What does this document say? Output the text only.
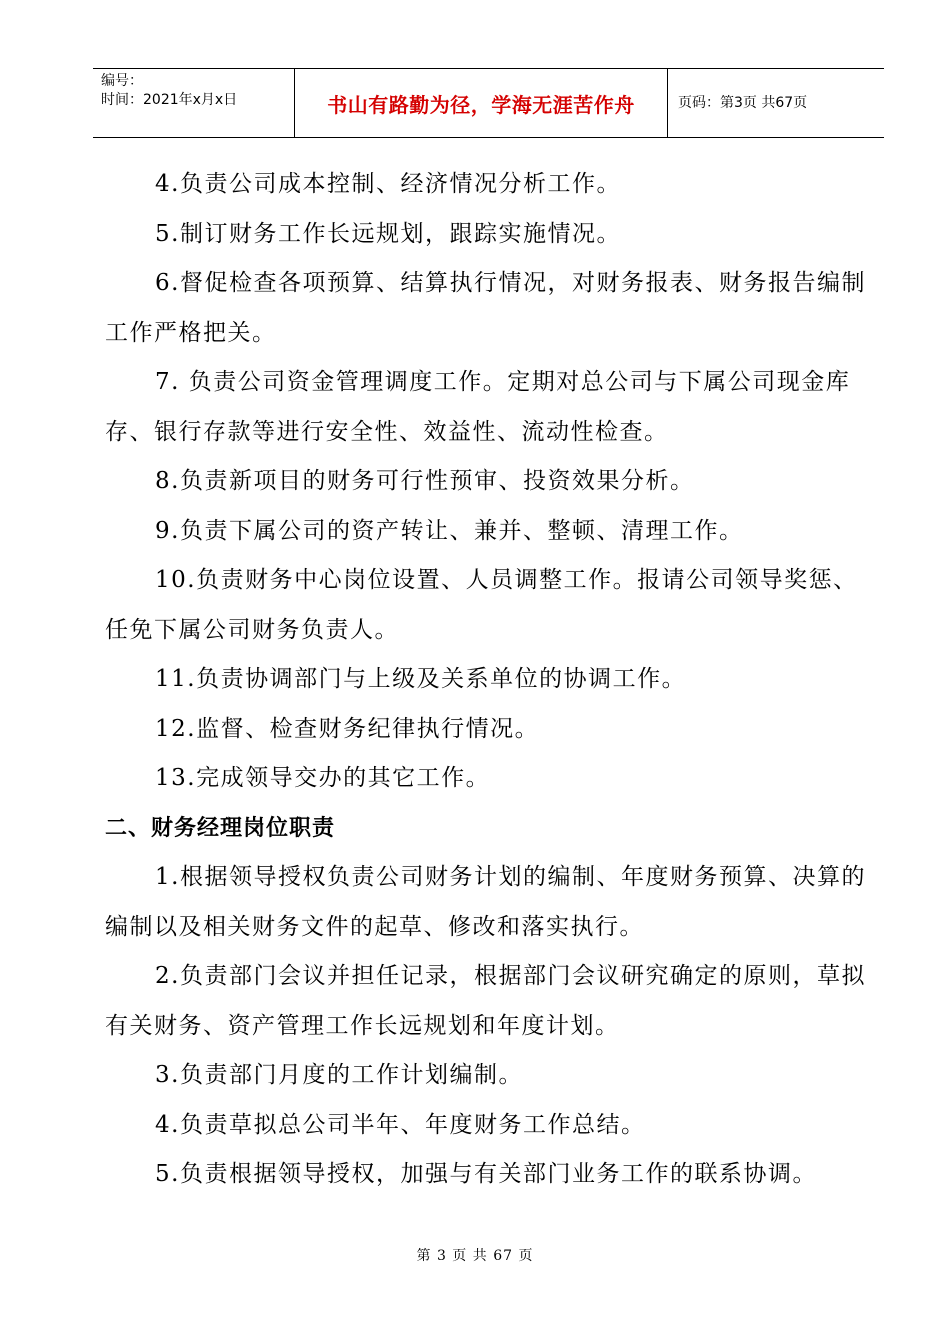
编号：
时间：2021年x月x日	书山有路勤为径，学海无涯苦作舟	页码：第3页 共67页

4.负责公司成本控制、经济情况分析工作。

5.制订财务工作长远规划，跟踪实施情况。

6.督促检查各项预算、结算执行情况，对财务报表、财务报告编制工作严格把关。

7. 负责公司资金管理调度工作。定期对总公司与下属公司现金库存、银行存款等进行安全性、效益性、流动性检查。

8.负责新项目的财务可行性预审、投资效果分析。

9.负责下属公司的资产转让、兼并、整顿、清理工作。

10.负责财务中心岗位设置、人员调整工作。报请公司领导奖惩、任免下属公司财务负责人。

11.负责协调部门与上级及关系单位的协调工作。

12.监督、检查财务纪律执行情况。

13.完成领导交办的其它工作。

二、财务经理岗位职责

1.根据领导授权负责公司财务计划的编制、年度财务预算、决算的编制以及相关财务文件的起草、修改和落实执行。

2.负责部门会议并担任记录，根据部门会议研究确定的原则，草拟有关财务、资产管理工作长远规划和年度计划。

3.负责部门月度的工作计划编制。

4.负责草拟总公司半年、年度财务工作总结。

5.负责根据领导授权，加强与有关部门业务工作的联系协调。

第 3 页 共 67 页
